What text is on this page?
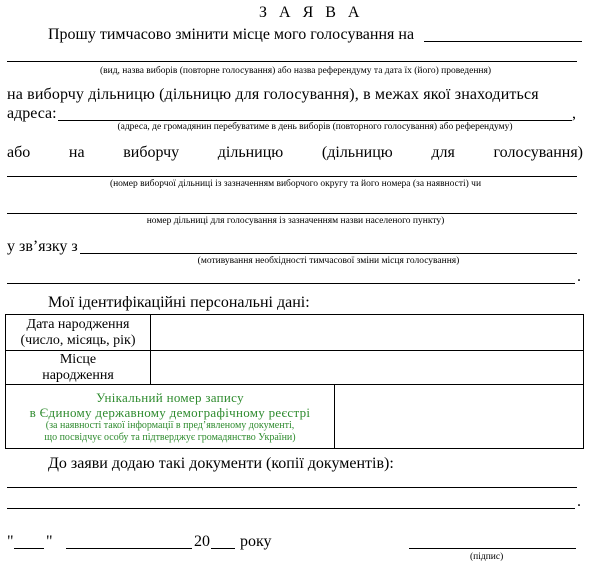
З А Я В А
Прошу тимчасово змінити місце мого голосування на
(вид, назва виборів (повторне голосування) або назва референдуму та дата їх (його) проведення)
на виборчу дільницю (дільницю для голосування), в межах якої знаходиться
адреса:	,
(адреса, де громадянин перебуватиме в день виборів (повторного голосування) або референдуму)
або на виборчу дільницю (дільницю для голосування)
(номер виборчої дільниці із зазначенням виборчого округу та його номера (за наявності) чи
номер дільниці для голосування із зазначенням назви населеного пункту)
у зв’язку з
(мотивування необхідності тимчасової зміни місця голосування)
.
Мої ідентифікаційні персональні дані:
Дата народження
(число, місяць, рік)	

Місце
народження	

Унікальний номер запису
в Єдиному державному демографічному реєстрі
(за наявності такої інформації в пред’явленому документі,
що посвідчує особу та підтверджує громадянство України)

До заяви додаю такі документи (копії документів):
.
" "	20 року
(підпис)
